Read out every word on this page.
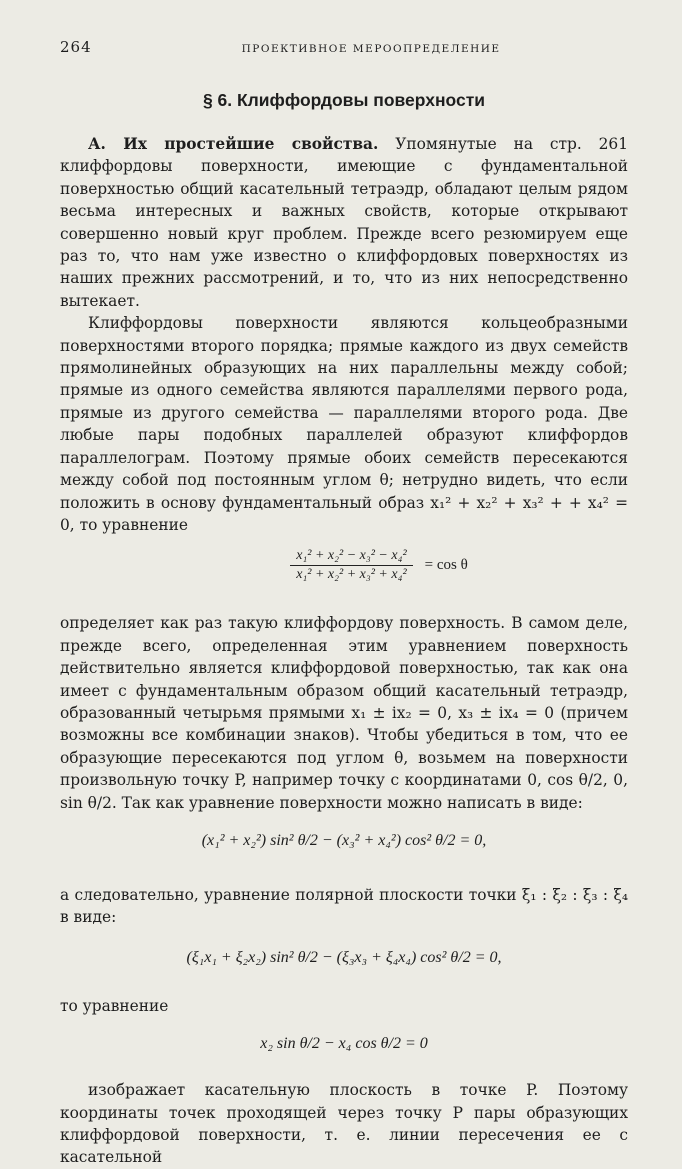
264	ПРОЕКТИВНОЕ МЕРООПРЕДЕЛЕНИЕ
§ 6. Клиффордовы поверхности

А. Их простейшие свойства. Упомянутые на стр. 261 клиффордовы поверхности, имеющие с фундаментальной поверхностью общий касательный тетраэдр, обладают целым рядом весьма интересных и важных свойств, которые открывают совершенно новый круг проблем. Прежде всего резюмируем еще раз то, что нам уже известно о клиффордовых поверхностях из наших прежних рассмотрений, и то, что из них непосредственно вытекает.

Клиффордовы поверхности являются кольцеобразными поверхностями второго порядка; прямые каждого из двух семейств прямолинейных образующих на них параллельны между собой; прямые из одного семейства являются параллелями первого рода, прямые из другого семейства — параллелями второго рода. Две любые пары подобных параллелей образуют клиффордов параллелограм. Поэтому прямые обоих семейств пересекаются между собой под постоянным углом θ; нетрудно видеть, что если положить в основу фундаментальный образ x₁² + x₂² + x₃² + + x₄² = 0, то уравнение

$\frac{\text{x₁² + x₂² − x₃² − x₄²}}{\text{x₁² + x₂² + x₃² + x₄²}} = \cos \theta$

определяет как раз такую клиффордову поверхность. В самом деле, прежде всего, определенная этим уравнением поверхность действительно является клиффордовой поверхностью, так как она имеет с фундаментальным образом общий касательный тетраэдр, образованный четырьмя прямыми x₁ ± ix₂ = 0, x₃ ± ix₄ = 0 (причем возможны все комбинации знаков). Чтобы убедиться в том, что ее образующие пересекаются под углом θ, возьмем на поверхности произвольную точку P, например точку с координатами 0, cos θ/2, 0, sin θ/2. Так как уравнение поверхности можно написать в виде:

(x₁² + x₂²) sin² θ/2 − (x₃² + x₄²) cos² θ/2 = 0,

а следовательно, уравнение полярной плоскости точки ξ₁ : ξ₂ : ξ₃ : ξ₄ в виде:

(ξ₁x₁ + ξ₂x₂) sin² θ/2 − (ξ₃x₃ + ξ₄x₄) cos² θ/2 = 0,

то уравнение

x₂ sin θ/2 − x₄ cos θ/2 = 0

изображает касательную плоскость в точке P. Поэтому координаты точек проходящей через точку P пары образующих клиффордовой поверхности, т. е. линии пересечения ее с касательной
